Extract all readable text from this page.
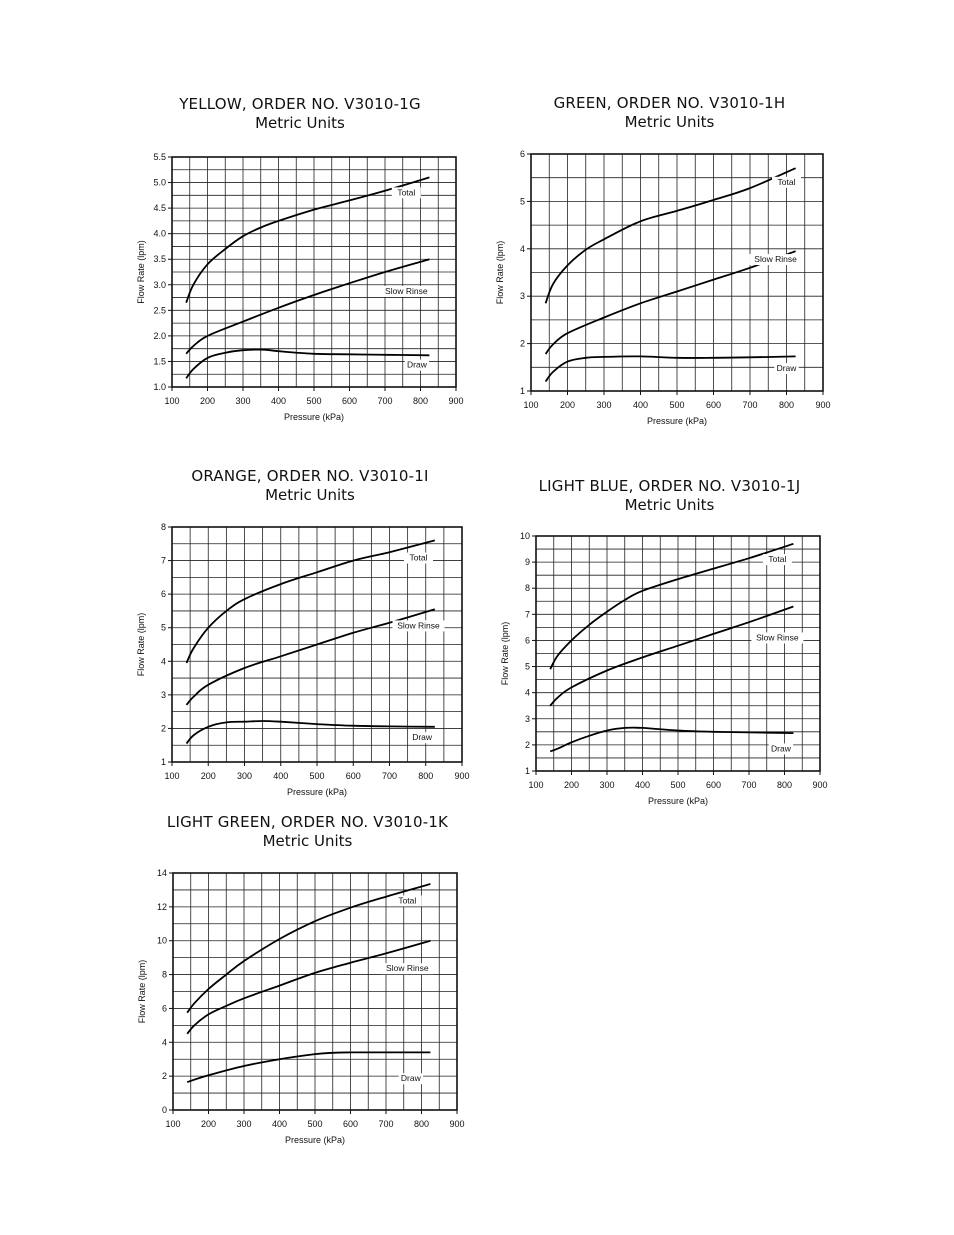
YELLOW, ORDER NO. V3010-1G
Metric Units
100 200 300 400 500 600 700 800 900
1.0
1.5
2.0
2.5
3.0
3.5
4.0
4.5
5.0
5.5
Pressure (kPa)
Flow Rate (lpm)
Total
Slow Rinse
Draw
GREEN, ORDER NO. V3010-1H
Metric Units
100 200 300 400 500 600 700 800 900
1
2
3
4
5
6
Pressure (kPa)
Flow Rate (lpm)
Total
Slow Rinse
Draw
ORANGE, ORDER NO. V3010-1I
Metric Units
100 200 300 400 500 600 700 800 900
1
2
3
4
5
6
7
8
Pressure (kPa)
Flow Rate (lpm)
Total
Slow Rinse
Draw
LIGHT BLUE, ORDER NO. V3010-1J
Metric Units
100 200 300 400 500 600 700 800 900
1
2
3
4
5
6
7
8
9
10
Pressure (kPa)
Flow Rate (lpm)
Total
Slow Rinse
Draw
LIGHT GREEN, ORDER NO. V3010-1K
Metric Units
100 200 300 400 500 600 700 800 900
0
2
4
6
8
10
12
14
Pressure (kPa)
Flow Rate (lpm)
Total
Slow Rinse
Draw
